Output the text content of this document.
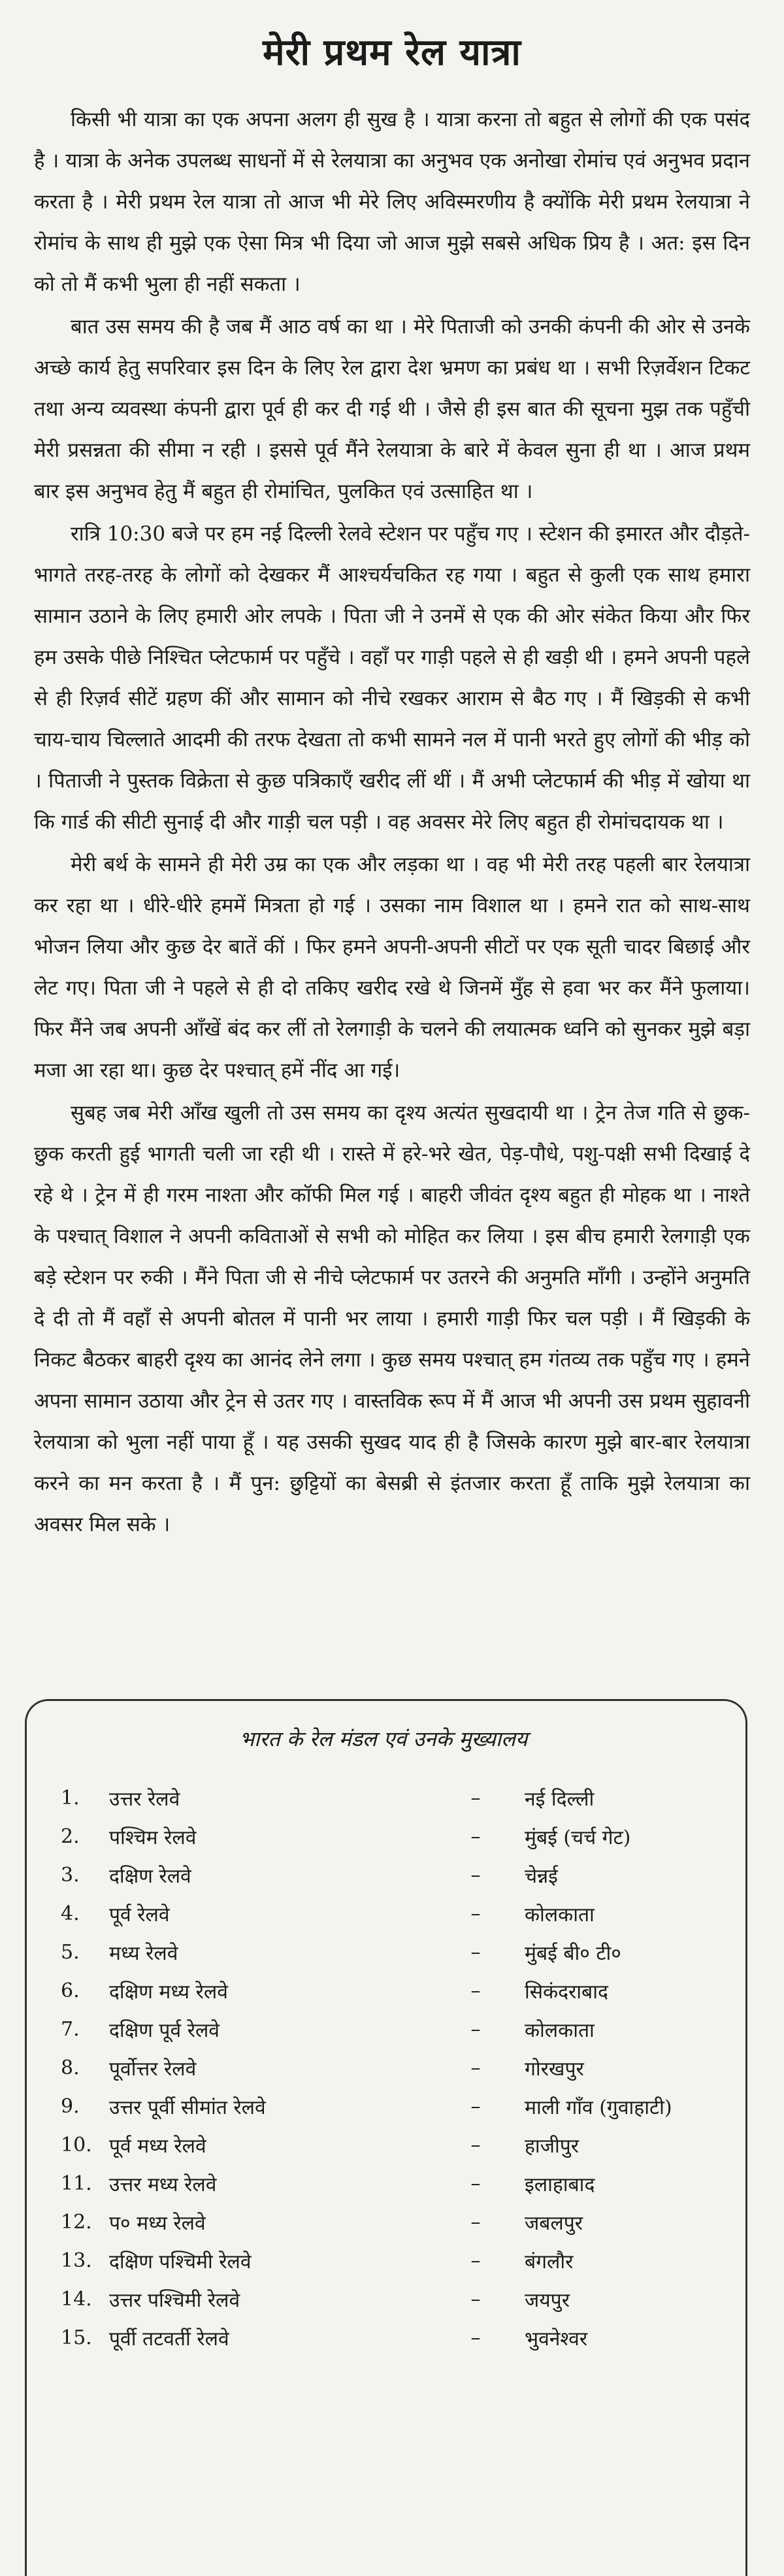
मेरी प्रथम रेल यात्रा

किसी भी यात्रा का एक अपना अलग ही सुख है । यात्रा करना तो बहुत से लोगों की एक पसंद है । यात्रा के अनेक उपलब्ध साधनों में से रेलयात्रा का अनुभव एक अनोखा रोमांच एवं अनुभव प्रदान करता है । मेरी प्रथम रेल यात्रा तो आज भी मेरे लिए अविस्मरणीय है क्योंकि मेरी प्रथम रेलयात्रा ने रोमांच के साथ ही मुझे एक ऐसा मित्र भी दिया जो आज मुझे सबसे अधिक प्रिय है । अत: इस दिन को तो मैं कभी भुला ही नहीं सकता ।

बात उस समय की है जब मैं आठ वर्ष का था । मेरे पिताजी को उनकी कंपनी की ओर से उनके अच्छे कार्य हेतु सपरिवार इस दिन के लिए रेल द्वारा देश भ्रमण का प्रबंध था । सभी रिज़र्वेशन टिकट तथा अन्य व्यवस्था कंपनी द्वारा पूर्व ही कर दी गई थी । जैसे ही इस बात की सूचना मुझ तक पहुँची मेरी प्रसन्नता की सीमा न रही । इससे पूर्व मैंने रेलयात्रा के बारे में केवल सुना ही था । आज प्रथम बार इस अनुभव हेतु मैं बहुत ही रोमांचित, पुलकित एवं उत्साहित था ।

रात्रि 10:30 बजे पर हम नई दिल्ली रेलवे स्टेशन पर पहुँच गए । स्टेशन की इमारत और दौड़ते-भागते तरह-तरह के लोगों को देखकर मैं आश्चर्यचकित रह गया । बहुत से कुली एक साथ हमारा सामान उठाने के लिए हमारी ओर लपके । पिता जी ने उनमें से एक की ओर संकेत किया और फिर हम उसके पीछे निश्चित प्लेटफार्म पर पहुँचे । वहाँ पर गाड़ी पहले से ही खड़ी थी । हमने अपनी पहले से ही रिज़र्व सीटें ग्रहण कीं और सामान को नीचे रखकर आराम से बैठ गए । मैं खिड़की से कभी चाय-चाय चिल्लाते आदमी की तरफ देखता तो कभी सामने नल में पानी भरते हुए लोगों की भीड़ को । पिताजी ने पुस्तक विक्रेता से कुछ पत्रिकाएँ खरीद लीं थीं । मैं अभी प्लेटफार्म की भीड़ में खोया था कि गार्ड की सीटी सुनाई दी और गाड़ी चल पड़ी । वह अवसर मेरे लिए बहुत ही रोमांचदायक था ।

मेरी बर्थ के सामने ही मेरी उम्र का एक और लड़का था । वह भी मेरी तरह पहली बार रेलयात्रा कर रहा था । धीरे-धीरे हममें मित्रता हो गई । उसका नाम विशाल था । हमने रात को साथ-साथ भोजन लिया और कुछ देर बातें कीं । फिर हमने अपनी-अपनी सीटों पर एक सूती चादर बिछाई और लेट गए। पिता जी ने पहले से ही दो तकिए खरीद रखे थे जिनमें मुँह से हवा भर कर मैंने फुलाया। फिर मैंने जब अपनी आँखें बंद कर लीं तो रेलगाड़ी के चलने की लयात्मक ध्वनि को सुनकर मुझे बड़ा मजा आ रहा था। कुछ देर पश्चात् हमें नींद आ गई।

सुबह जब मेरी आँख खुली तो उस समय का दृश्य अत्यंत सुखदायी था । ट्रेन तेज गति से छुक-छुक करती हुई भागती चली जा रही थी । रास्ते में हरे-भरे खेत, पेड़-पौधे, पशु-पक्षी सभी दिखाई दे रहे थे । ट्रेन में ही गरम नाश्ता और कॉफी मिल गई । बाहरी जीवंत दृश्य बहुत ही मोहक था । नाश्ते के पश्चात् विशाल ने अपनी कविताओं से सभी को मोहित कर लिया । इस बीच हमारी रेलगाड़ी एक बड़े स्टेशन पर रुकी । मैंने पिता जी से नीचे प्लेटफार्म पर उतरने की अनुमति माँगी । उन्होंने अनुमति दे दी तो मैं वहाँ से अपनी बोतल में पानी भर लाया । हमारी गाड़ी फिर चल पड़ी । मैं खिड़की के निकट बैठकर बाहरी दृश्य का आनंद लेने लगा । कुछ समय पश्चात् हम गंतव्य तक पहुँच गए । हमने अपना सामान उठाया और ट्रेन से उतर गए । वास्तविक रूप में मैं आज भी अपनी उस प्रथम सुहावनी रेलयात्रा को भुला नहीं पाया हूँ । यह उसकी सुखद याद ही है जिसके कारण मुझे बार-बार रेलयात्रा करने का मन करता है । मैं पुन: छुट्टियों का बेसब्री से इंतजार करता हूँ ताकि मुझे रेलयात्रा का अवसर मिल सके ।

भारत के रेल मंडल एवं उनके मुख्यालय
1.	उत्तर रेलवे	–	नई दिल्ली
2.	पश्चिम रेलवे	–	मुंबई (चर्च गेट)
3.	दक्षिण रेलवे	–	चेन्नई
4.	पूर्व रेलवे	–	कोलकाता
5.	मध्य रेलवे	–	मुंबई बी० टी०
6.	दक्षिण मध्य रेलवे	–	सिकंदराबाद
7.	दक्षिण पूर्व रेलवे	–	कोलकाता
8.	पूर्वोत्तर रेलवे	–	गोरखपुर
9.	उत्तर पूर्वी सीमांत रेलवे	–	माली गाँव (गुवाहाटी)
10. पूर्व मध्य रेलवे	–	हाजीपुर
11. उत्तर मध्य रेलवे	–	इलाहाबाद
12. प० मध्य रेलवे	–	जबलपुर
13. दक्षिण पश्चिमी रेलवे	–	बंगलौर
14. उत्तर पश्चिमी रेलवे	–	जयपुर
15. पूर्वी तटवर्ती रेलवे	–	भुवनेश्वर
